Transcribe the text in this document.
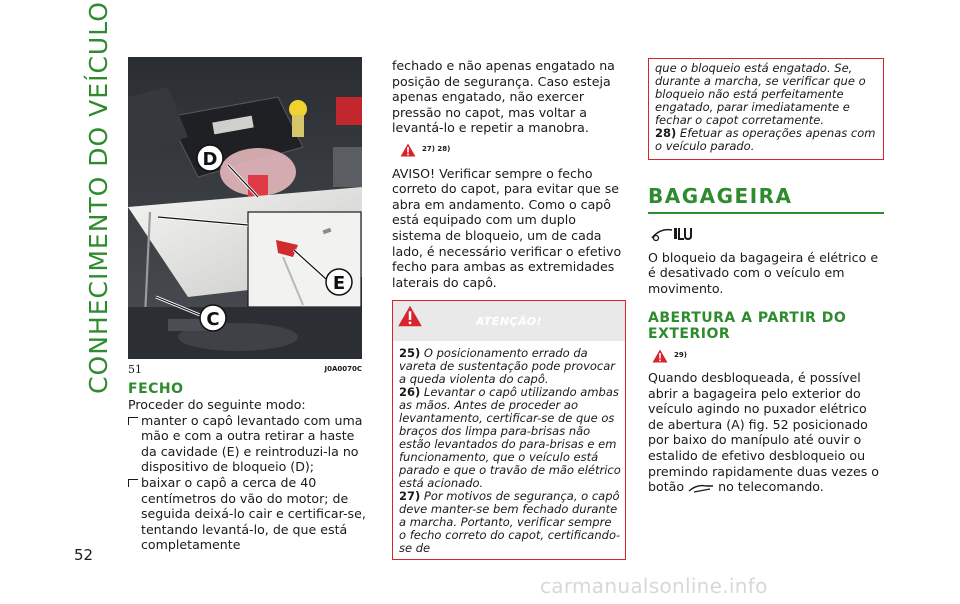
CONHECIMENTO DO VEÍCULO
52
D
E
C
51	J0A0070C
FECHO

Proceder do seguinte modo:

manter o capô levantado com uma mão e com a outra retirar a haste da cavidade (E) e reintroduzi-la no dispositivo de bloqueio (D);
baixar o capô a cerca de 40 centímetros do vão do motor; de seguida deixá-lo cair e certificar-se, tentando levantá-lo, de que está completamente

fechado e não apenas engatado na posição de segurança. Caso esteja apenas engatado, não exercer pressão no capot, mas voltar a levantá-lo e repetir a manobra.

27) 28)

AVISO! Verificar sempre o fecho correto do capot, para evitar que se abra em andamento. Como o capô está equipado com um duplo sistema de bloqueio, um de cada lado, é necessário verificar o efetivo fecho para ambas as extremidades laterais do capô.

ATENÇÃO!

25) O posicionamento errado da vareta de sustentação pode provocar a queda violenta do capô.

26) Levantar o capô utilizando ambas as mãos. Antes de proceder ao levantamento, certificar-se de que os braços dos limpa para-brisas não estão levantados do para-brisas e em funcionamento, que o veículo está parado e que o travão de mão elétrico está acionado.

27) Por motivos de segurança, o capô deve manter-se bem fechado durante a marcha. Portanto, verificar sempre o fecho correto do capot, certificando-se de

que o bloqueio está engatado. Se, durante a marcha, se verificar que o bloqueio não está perfeitamente engatado, parar imediatamente e fechar o capot corretamente.

28) Efetuar as operações apenas com o veículo parado.

BAGAGEIRA

O bloqueio da bagageira é elétrico e é desativado com o veículo em movimento.

ABERTURA A PARTIR DO EXTERIOR
29)

Quando desbloqueada, é possível abrir a bagageira pelo exterior do veículo agindo no puxador elétrico de abertura (A) fig. 52 posicionado por baixo do manípulo até ouvir o estalido de efetivo desbloqueio ou premindo rapidamente duas vezes o botão	no telecomando.

carmanualsonline.info
